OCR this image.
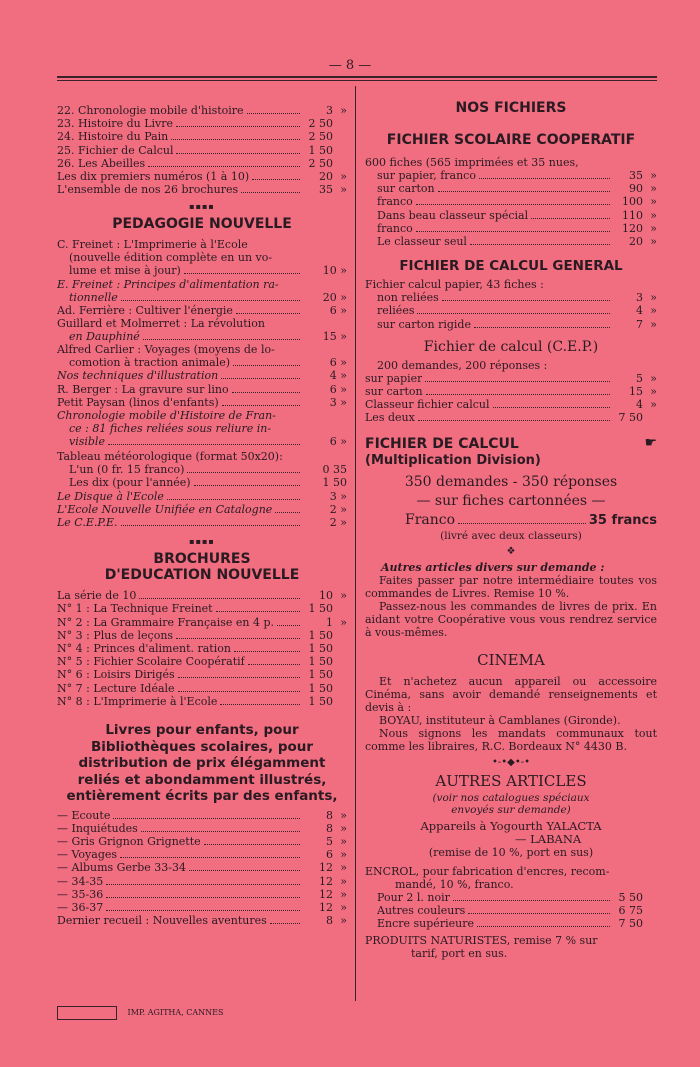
— 8 —
22. Chronologie mobile d'histoire	3 »
23. Histoire du Livre	2 50
24. Histoire du Pain	2 50
25. Fichier de Calcul	1 50
26. Les Abeilles	2 50
Les dix premiers numéros (1 à 10)	20 »
L'ensemble de nos 26 brochures	35 »
▪▪▪▪
PEDAGOGIE NOUVELLE
C. Freinet : L'Imprimerie à l'Ecole
(nouvelle édition complète en un vo-
lume et mise à jour)	10 »
E. Freinet : Principes d'alimentation ra-
tionnelle	20 »
Ad. Ferrière : Cultiver l'énergie	6 »
Guillard et Molmerret : La révolution
en Dauphiné	15 »
Alfred Carlier : Voyages (moyens de lo-
comotion à traction animale)	6 »
Nos techniques d'illustration	4 »
R. Berger : La gravure sur lino	6 »
Petit Paysan (linos d'enfants)	3 »
Chronologie mobile d'Histoire de Fran-
ce : 81 fiches reliées sous reliure in-
visible	6 »
Tableau météorologique (format 50x20):
L'un (0 fr. 15 franco)	0 35
Les dix (pour l'année)	1 50
Le Disque à l'Ecole	3 »
L'Ecole Nouvelle Unifiée en Catalogne	2 »
Le C.E.P.E.	2 »
▪▪▪▪
BROCHURES
D'EDUCATION NOUVELLE
La série de 10	10 »
N° 1 : La Technique Freinet	1 50
N° 2 : La Grammaire Française en 4 p.	1 »
N° 3 : Plus de leçons	1 50
N° 4 : Princes d'aliment. ration	1 50
N° 5 : Fichier Scolaire Coopératif	1 50
N° 6 : Loisirs Dirigés	1 50
N° 7 : Lecture Idéale	1 50
N° 8 : L'Imprimerie à l'Ecole	1 50
Livres pour enfants, pour Bibliothèques scolaires, pour distribution de prix élégamment reliés et abondamment illustrés, entièrement écrits par des enfants,
— Ecoute	8 »
— Inquiétudes	8 »
— Gris Grignon Grignette	5 »
— Voyages	6 »
— Albums Gerbe 33-34	12 »
— 34-35	12 »
— 35-36	12 »
— 36-37	12 »
Dernier recueil : Nouvelles aventures	8 »
IMP. AGITHA, CANNES
NOS FICHIERS
FICHIER SCOLAIRE COOPERATIF
600 fiches (565 imprimées et 35 nues,
sur papier, franco	35 »
sur carton	90 »
franco	100 »
Dans beau classeur spécial	110 »
franco	120 »
Le classeur seul	20 »
FICHIER DE CALCUL GENERAL
Fichier calcul papier, 43 fiches :
non reliées	3 »
reliées	4 »
sur carton rigide	7 »
Fichier de calcul (C.E.P.)
200 demandes, 200 réponses :
sur papier	5 »
sur carton	15 »
Classeur fichier calcul	4 »
Les deux	7 50
☛
FICHIER DE CALCUL
(Multiplication Division)
350 demandes - 350 réponses
— sur fiches cartonnées —
Franco	35 francs
(livré avec deux classeurs)
❖
Autres articles divers sur demande :
Faites passer par notre intermédiaire toutes vos commandes de Livres. Remise 10 %.
Passez-nous les commandes de livres de prix. En aidant votre Coopérative vous vous rendrez service à vous-mêmes.
CINEMA
Et n'achetez aucun appareil ou accessoire Cinéma, sans avoir demandé renseignements et devis à :
BOYAU, instituteur à Camblanes (Gironde).
Nous signons les mandats communaux tout comme les libraires, R.C. Bordeaux N° 4430 B.
•-•◆•-•
AUTRES ARTICLES
(voir nos catalogues spéciaux
envoyés sur demande)
Appareils à Yogourth YALACTA
— LABANA
(remise de 10 %, port en sus)
ENCROL, pour fabrication d'encres, recom-
mandé, 10 %, franco.
Pour 2 l. noir	5 50
Autres couleurs	6 75
Encre supérieure	7 50
PRODUITS NATURISTES, remise 7 % sur
tarif, port en sus.
